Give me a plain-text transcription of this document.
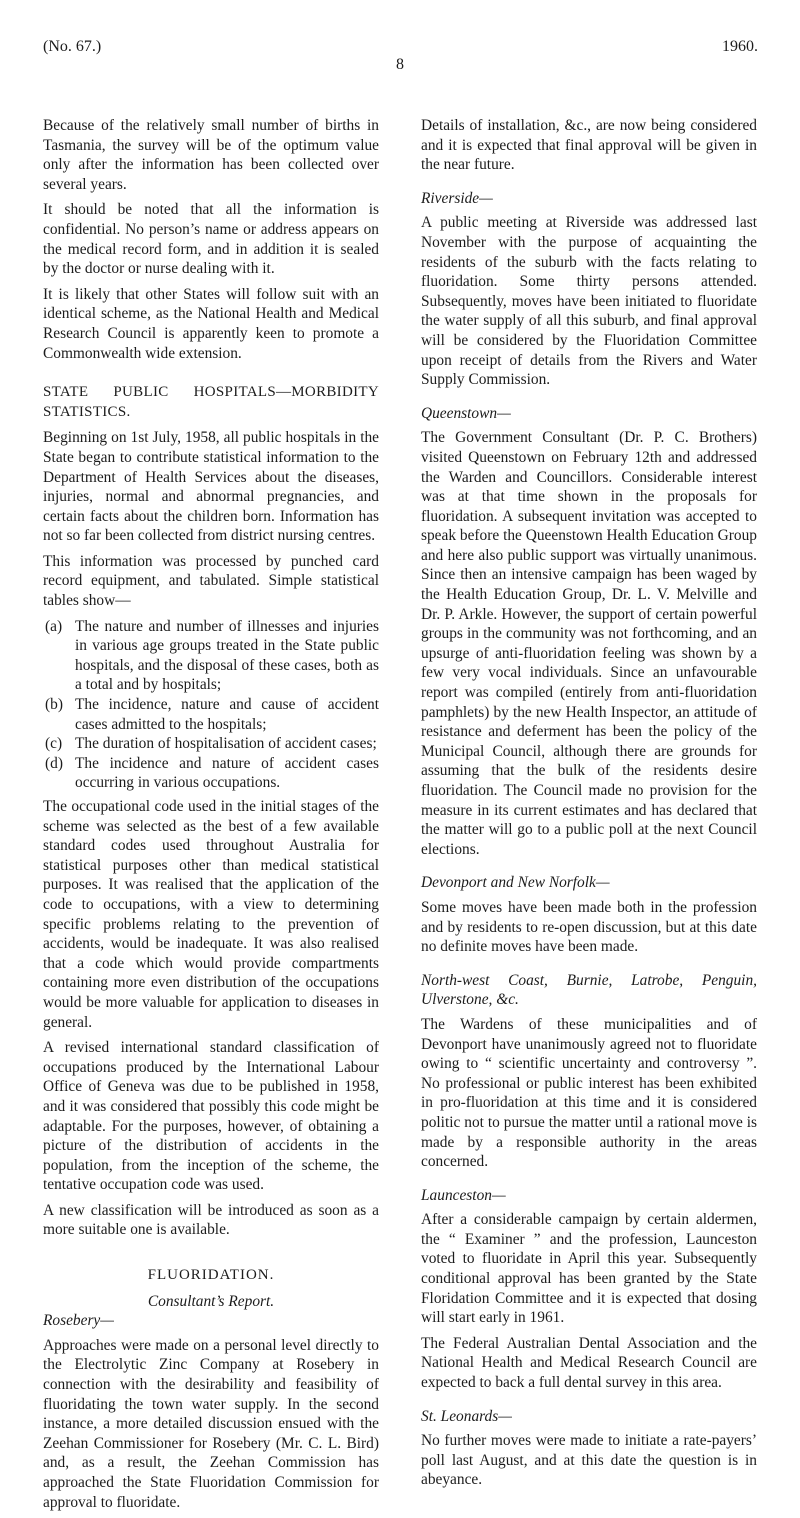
(No. 67.)	1960.
8

Because of the relatively small number of births in Tasmania, the survey will be of the optimum value only after the information has been collected over several years.

It should be noted that all the information is confidential. No person’s name or address appears on the medical record form, and in addition it is sealed by the doctor or nurse dealing with it.

It is likely that other States will follow suit with an identical scheme, as the National Health and Medical Research Council is apparently keen to promote a Commonwealth wide extension.

STATE PUBLIC HOSPITALS—MORBIDITY STATISTICS.

Beginning on 1st July, 1958, all public hospitals in the State began to contribute statistical information to the Department of Health Services about the diseases, injuries, normal and abnormal pregnancies, and certain facts about the children born. Information has not so far been collected from district nursing centres.

This information was processed by punched card record equipment, and tabulated. Simple statistical tables show—

(a) The nature and number of illnesses and injuries in various age groups treated in the State public hospitals, and the disposal of these cases, both as a total and by hospitals;
(b) The incidence, nature and cause of accident cases admitted to the hospitals;
(c) The duration of hospitalisation of accident cases;
(d) The incidence and nature of accident cases occurring in various occupations.

The occupational code used in the initial stages of the scheme was selected as the best of a few available standard codes used throughout Australia for statistical purposes other than medical statistical purposes. It was realised that the application of the code to occupations, with a view to determining specific problems relating to the prevention of accidents, would be inadequate. It was also realised that a code which would provide compartments containing more even distribution of the occupations would be more valuable for application to diseases in general.

A revised international standard classification of occupations produced by the International Labour Office of Geneva was due to be published in 1958, and it was considered that possibly this code might be adaptable. For the purposes, however, of obtaining a picture of the distribution of accidents in the population, from the inception of the scheme, the tentative occupation code was used.

A new classification will be introduced as soon as a more suitable one is available.

FLUORIDATION.

Consultant’s Report.

Rosebery—

Approaches were made on a personal level directly to the Electrolytic Zinc Company at Rosebery in connection with the desirability and feasibility of fluoridating the town water supply. In the second instance, a more detailed discussion ensued with the Zeehan Commissioner for Rosebery (Mr. C. L. Bird) and, as a result, the Zeehan Commission has approached the State Fluoridation Commission for approval to fluoridate.

Details of installation, &c., are now being considered and it is expected that final approval will be given in the near future.

Riverside—

A public meeting at Riverside was addressed last November with the purpose of acquainting the residents of the suburb with the facts relating to fluoridation. Some thirty persons attended. Subsequently, moves have been initiated to fluoridate the water supply of all this suburb, and final approval will be considered by the Fluoridation Committee upon receipt of details from the Rivers and Water Supply Commission.

Queenstown—

The Government Consultant (Dr. P. C. Brothers) visited Queenstown on February 12th and addressed the Warden and Councillors. Considerable interest was at that time shown in the proposals for fluoridation. A subsequent invitation was accepted to speak before the Queenstown Health Education Group and here also public support was virtually unanimous. Since then an intensive campaign has been waged by the Health Education Group, Dr. L. V. Melville and Dr. P. Arkle. However, the support of certain powerful groups in the community was not forthcoming, and an upsurge of anti-fluoridation feeling was shown by a few very vocal individuals. Since an unfavourable report was compiled (entirely from anti-fluoridation pamphlets) by the new Health Inspector, an attitude of resistance and deferment has been the policy of the Municipal Council, although there are grounds for assuming that the bulk of the residents desire fluoridation. The Council made no provision for the measure in its current estimates and has declared that the matter will go to a public poll at the next Council elections.

Devonport and New Norfolk—

Some moves have been made both in the profession and by residents to re-open discussion, but at this date no definite moves have been made.

North-west Coast, Burnie, Latrobe, Penguin, Ulverstone, &c.

The Wardens of these municipalities and of Devonport have unanimously agreed not to fluoridate owing to “ scientific uncertainty and controversy ”. No professional or public interest has been exhibited in pro-fluoridation at this time and it is considered politic not to pursue the matter until a rational move is made by a responsible authority in the areas concerned.

Launceston—

After a considerable campaign by certain aldermen, the “ Examiner ” and the profession, Launceston voted to fluoridate in April this year. Subsequently conditional approval has been granted by the State Floridation Committee and it is expected that dosing will start early in 1961.

The Federal Australian Dental Association and the National Health and Medical Research Council are expected to back a full dental survey in this area.

St. Leonards—

No further moves were made to initiate a rate-payers’ poll last August, and at this date the question is in abeyance.
